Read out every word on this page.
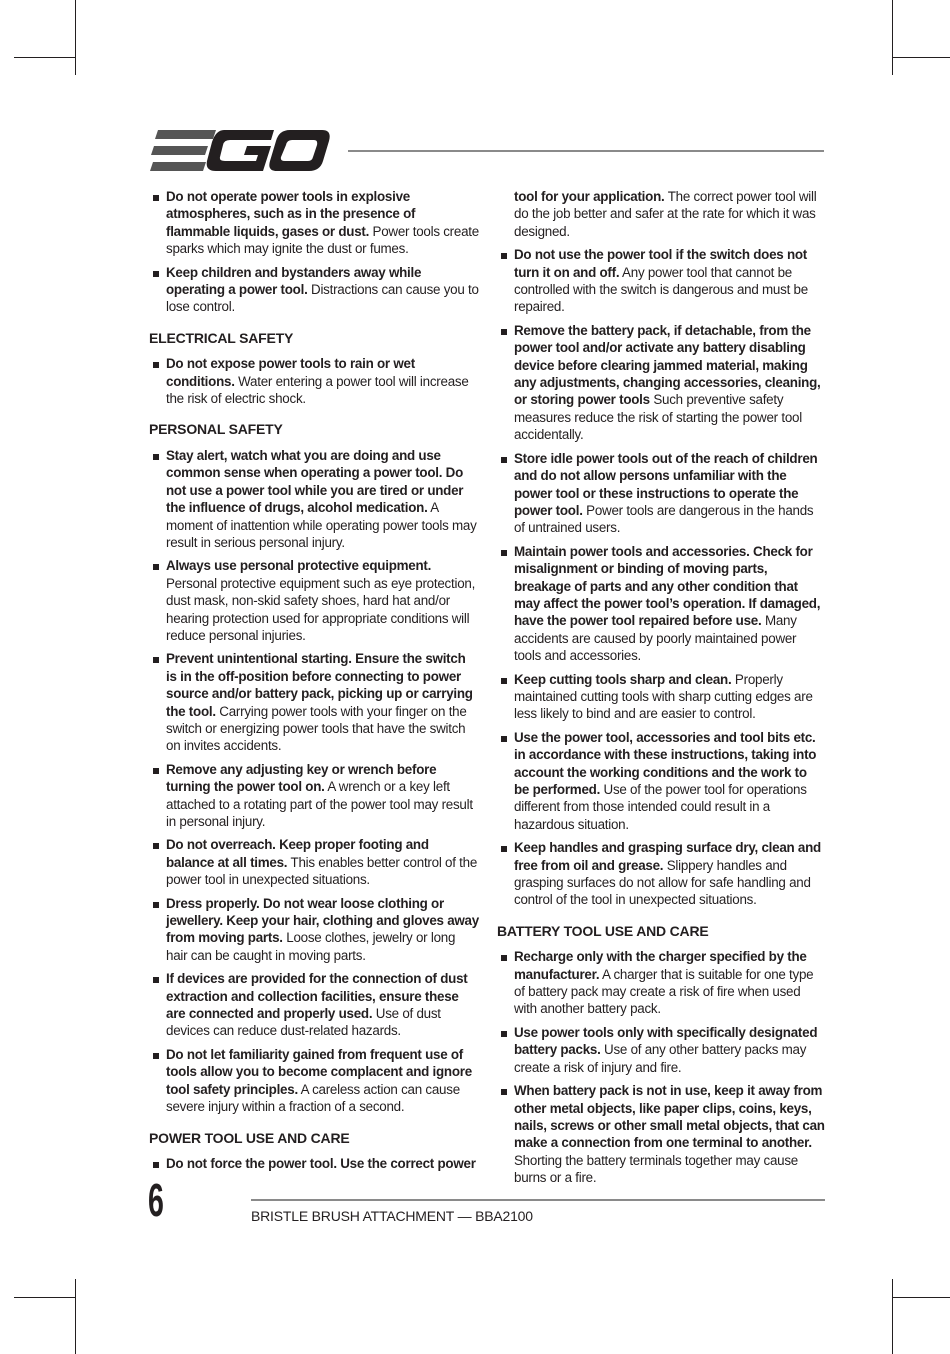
Do not operate power tools in explosive atmospheres, such as in the presence of flammable liquids, gases or dust. Power tools create sparks which may ignite the dust or fumes.
Keep children and bystanders away while operating a power tool. Distractions can cause you to lose control.
ELECTRICAL SAFETY
Do not expose power tools to rain or wet conditions. Water entering a power tool will increase the risk of electric shock.
PERSONAL SAFETY
Stay alert, watch what you are doing and use common sense when operating a power tool. Do not use a power tool while you are tired or under the influence of drugs, alcohol medication. A moment of inattention while operating power tools may result in serious personal injury.
Always use personal protective equipment. Personal protective equipment such as eye protection, dust mask, non-skid safety shoes, hard hat and/or hearing protection used for appropriate conditions will reduce personal injuries.
Prevent unintentional starting. Ensure the switch is in the off-position before connecting to power source and/or battery pack, picking up or carrying the tool. Carrying power tools with your finger on the switch or energizing power tools that have the switch on invites accidents.
Remove any adjusting key or wrench before turning the power tool on. A wrench or a key left attached to a rotating part of the power tool may result in personal injury.
Do not overreach. Keep proper footing and balance at all times. This enables better control of the power tool in unexpected situations.
Dress properly. Do not wear loose clothing or jewellery. Keep your hair, clothing and gloves away from moving parts. Loose clothes, jewelry or long hair can be caught in moving parts.
If devices are provided for the connection of dust extraction and collection facilities, ensure these are connected and properly used. Use of dust devices can reduce dust-related hazards.
Do not let familiarity gained from frequent use of tools allow you to become complacent and ignore tool safety principles. A careless action can cause severe injury within a fraction of a second.
POWER TOOL USE AND CARE
Do not force the power tool. Use the correct power
tool for your application. The correct power tool will do the job better and safer at the rate for which it was designed.
Do not use the power tool if the switch does not turn it on and off. Any power tool that cannot be controlled with the switch is dangerous and must be repaired.
Remove the battery pack, if detachable, from the power tool and/or activate any battery disabling device before clearing jammed material, making any adjustments, changing accessories, cleaning, or storing power tools Such preventive safety measures reduce the risk of starting the power tool accidentally.
Store idle power tools out of the reach of children and do not allow persons unfamiliar with the power tool or these instructions to operate the power tool. Power tools are dangerous in the hands of untrained users.
Maintain power tools and accessories. Check for misalignment or binding of moving parts, breakage of parts and any other condition that may affect the power tool’s operation. If damaged, have the power tool repaired before use. Many accidents are caused by poorly maintained power tools and accessories.
Keep cutting tools sharp and clean. Properly maintained cutting tools with sharp cutting edges are less likely to bind and are easier to control.
Use the power tool, accessories and tool bits etc. in accordance with these instructions, taking into account the working conditions and the work to be performed. Use of the power tool for operations different from those intended could result in a hazardous situation.
Keep handles and grasping surface dry, clean and free from oil and grease. Slippery handles and grasping surfaces do not allow for safe handling and control of the tool in unexpected situations.
BATTERY TOOL USE AND CARE
Recharge only with the charger specified by the manufacturer. A charger that is suitable for one type of battery pack may create a risk of fire when used with another battery pack.
Use power tools only with specifically designated battery packs. Use of any other battery packs may create a risk of injury and fire.
When battery pack is not in use, keep it away from other metal objects, like paper clips, coins, keys, nails, screws or other small metal objects, that can make a connection from one terminal to another. Shorting the battery terminals together may cause burns or a fire.
6	BRISTLE BRUSH ATTACHMENT — BBA2100
